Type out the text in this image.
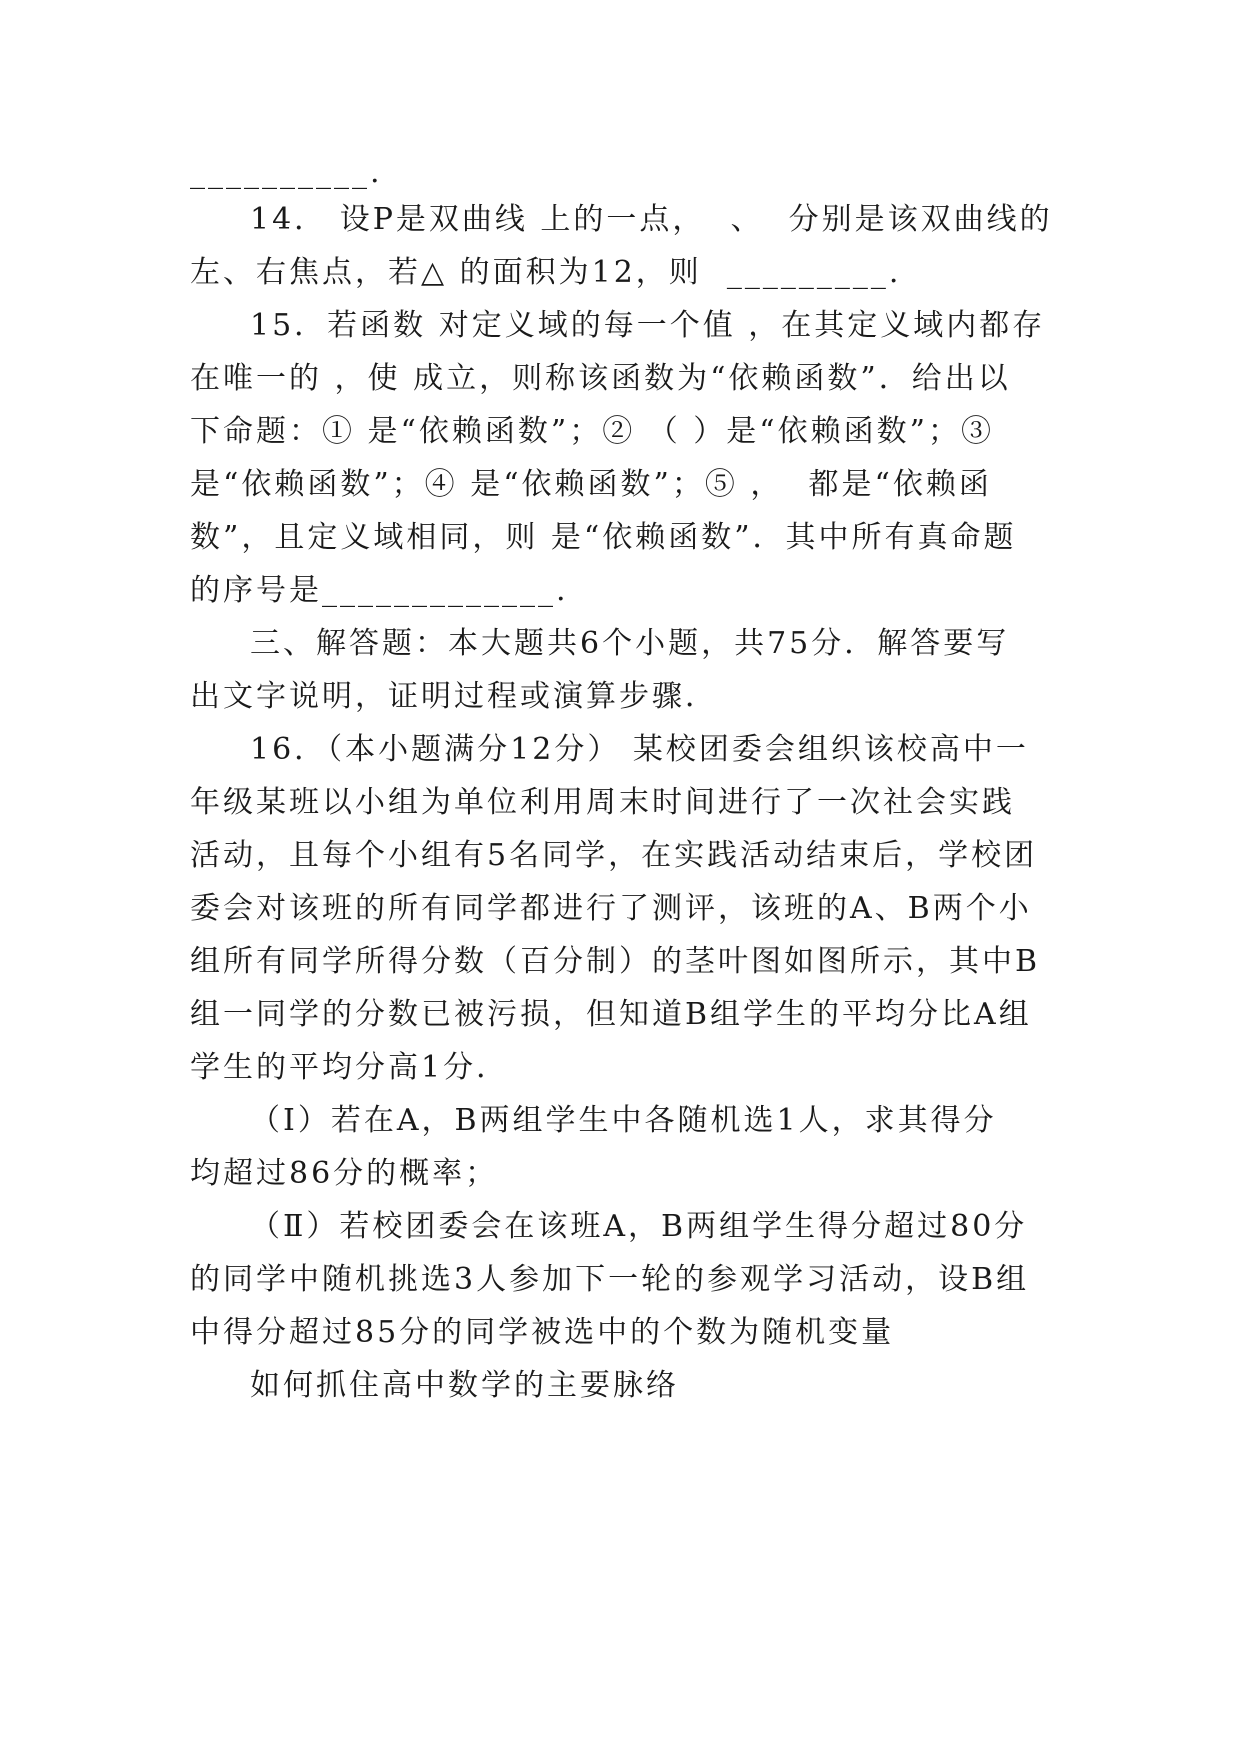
__________.
14． 设P是双曲线 上的一点，  、  分别是该双曲线的
左、右焦点，若△ 的面积为12，则  _________.
15．若函数 对定义域的每一个值 ，在其定义域内都存
在唯一的 ，使 成立，则称该函数为“依赖函数”．给出以
下命题：① 是“依赖函数”；② （ ）是“依赖函数”；③
是“依赖函数”；④ 是“依赖函数”；⑤ ，  都是“依赖函
数”，且定义域相同，则 是“依赖函数”．其中所有真命题
的序号是_____________.
三、解答题：本大题共6个小题，共75分．解答要写
出文字说明，证明过程或演算步骤．
16．（本小题满分12分） 某校团委会组织该校高中一
年级某班以小组为单位利用周末时间进行了一次社会实践
活动，且每个小组有5名同学，在实践活动结束后，学校团
委会对该班的所有同学都进行了测评，该班的A、B两个小
组所有同学所得分数（百分制）的茎叶图如图所示，其中B
组一同学的分数已被污损，但知道B组学生的平均分比A组
学生的平均分高1分．
（Ⅰ）若在A，B两组学生中各随机选1人，求其得分
均超过86分的概率；
（Ⅱ）若校团委会在该班A，B两组学生得分超过80分
的同学中随机挑选3人参加下一轮的参观学习活动，设B组
中得分超过85分的同学被选中的个数为随机变量
如何抓住高中数学的主要脉络
